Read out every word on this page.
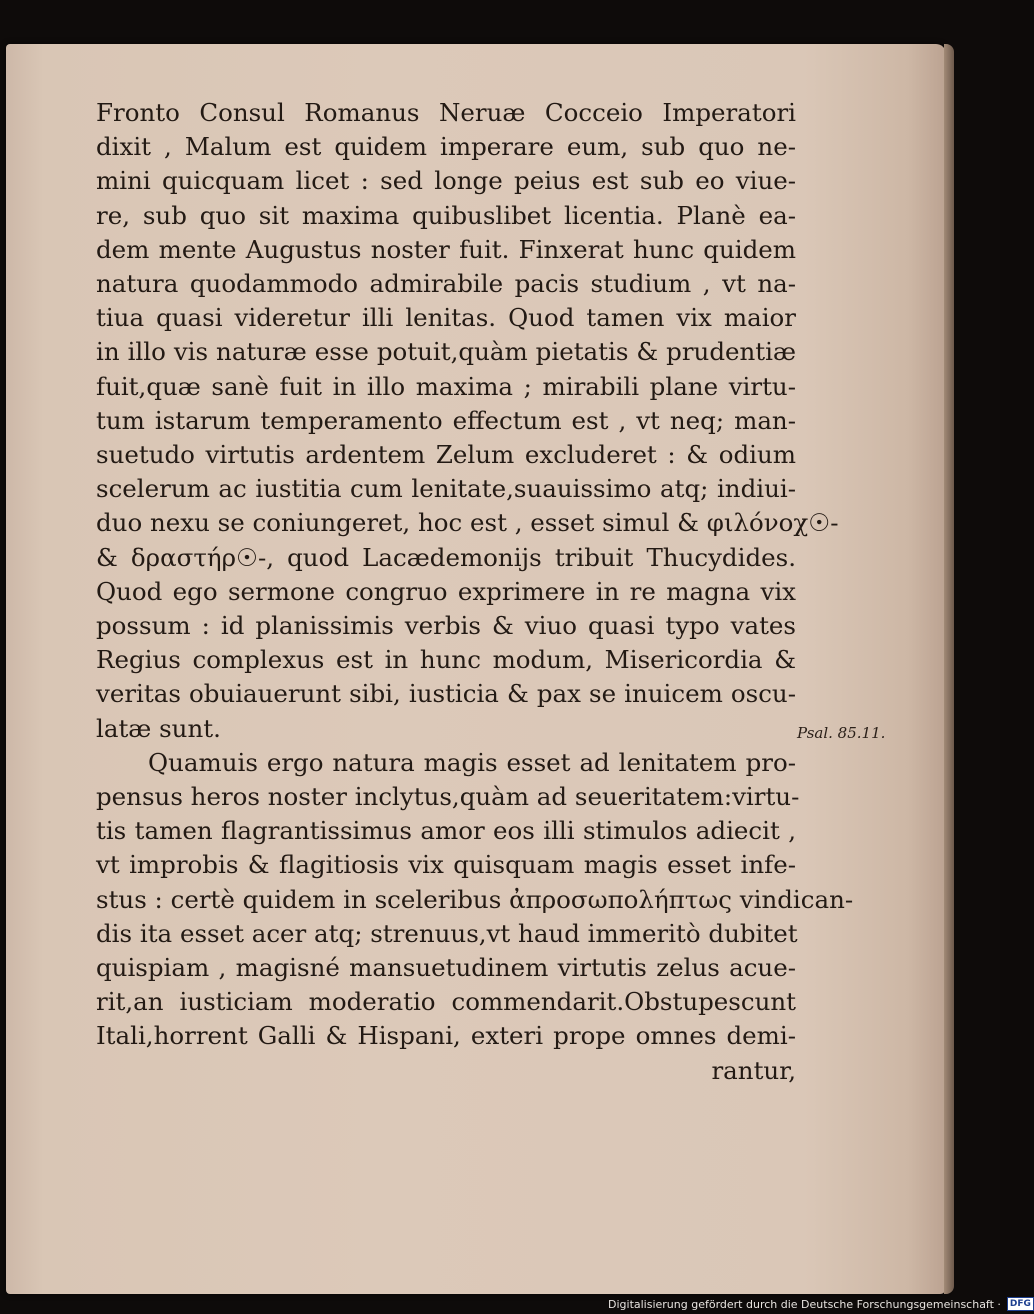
Fronto Consul Romanus Neruæ Cocceio Imperatori
dixit , Malum est quidem imperare eum, sub quo ne-
mini quicquam licet : sed longe peius est sub eo viue-
re, sub quo sit maxima quibuslibet licentia. Planè ea-
dem mente Augustus noster fuit. Finxerat hunc quidem
natura quodammodo admirabile pacis studium , vt na-
tiua quasi videretur illi lenitas. Quod tamen vix maior
in illo vis naturæ esse potuit,quàm pietatis & prudentiæ
fuit,quæ sanè fuit in illo maxima ; mirabili plane virtu-
tum istarum temperamento effectum est , vt neq; man-
suetudo virtutis ardentem Zelum excluderet : & odium
scelerum ac iustitia cum lenitate,suauissimo atq; indiui-
duo nexu se coniungeret, hoc est , esset simul & φιλόνοχ☉-
& δραστήρ☉-, quod Lacædemonijs tribuit Thucydides.
Quod ego sermone congruo exprimere in re magna vix
possum : id planissimis verbis & viuo quasi typo vates
Regius complexus est in hunc modum, Misericordia &
veritas obuiauerunt sibi, iusticia & pax se inuicem oscu-
latæ sunt.
Quamuis ergo natura magis esset ad lenitatem pro-
pensus heros noster inclytus,quàm ad seueritatem:virtu-
tis tamen flagrantissimus amor eos illi stimulos adiecit ,
vt improbis & flagitiosis vix quisquam magis esset infe-
stus : certè quidem in sceleribus ἀπροσωπολήπτως vindican-
dis ita esset acer atq; strenuus,vt haud immeritò dubitet
quispiam , magisné mansuetudinem virtutis zelus acue-
rit,an iusticiam moderatio commendarit.Obstupescunt
Itali,horrent Galli & Hispani, exteri prope omnes demi-
rantur,
Psal. 85.11.
Digitalisierung gefördert durch die Deutsche Forschungsgemeinschaft ·	DFG
